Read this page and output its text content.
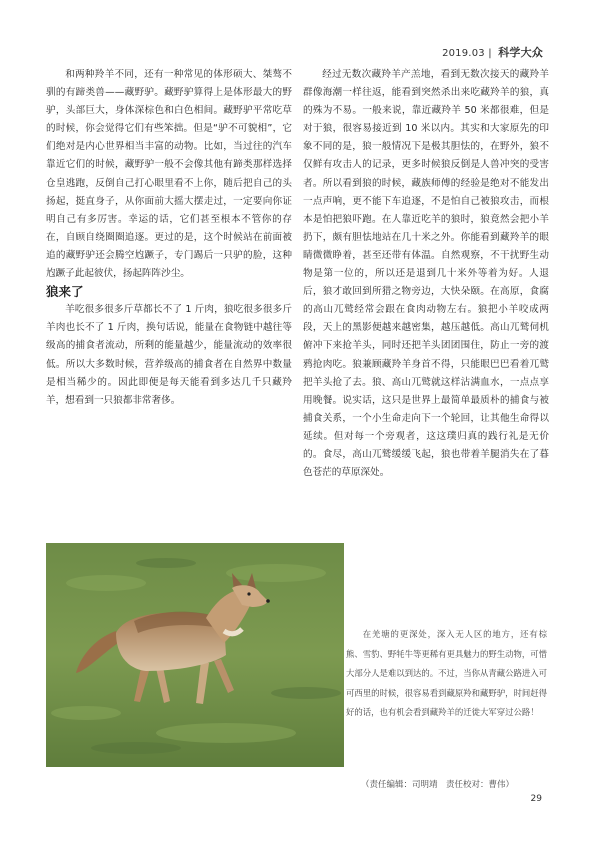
2019.03 | 科学大众

和两种羚羊不同，还有一种常见的体形硕大、桀骜不驯的有蹄类兽——藏野驴。藏野驴算得上是体形最大的野驴，头部巨大，身体深棕色和白色相间。藏野驴平常吃草的时候，你会觉得它们有些笨拙。但是“驴不可貌相”，它们绝对是内心世界相当丰富的动物。比如，当过往的汽车靠近它们的时候，藏野驴一般不会像其他有蹄类那样选择仓皇逃跑，反倒自己打心眼里看不上你，随后把自己的头扬起，挺直身子，从你面前大摇大摆走过，一定要向你证明自己有多厉害。幸运的话，它们甚至根本不管你的存在，自顾自绕圈圈追逐。更过的是，这个时候站在前面被追的藏野驴还会腾空尥蹶子，专门踢后一只驴的脸，这种尥蹶子此起彼伏，扬起阵阵沙尘。

狼来了

羊吃很多很多斤草都长不了 1 斤肉，狼吃很多很多斤羊肉也长不了 1 斤肉，换句话说，能量在食物链中越往等级高的捕食者流动，所剩的能量越少，能量流动的效率很低。所以大多数时候，营养级高的捕食者在自然界中数量是相当稀少的。因此即便是每天能看到多达几千只藏羚羊，想看到一只狼都非常奢侈。

经过无数次藏羚羊产羔地，看到无数次接天的藏羚羊群像海潮一样往返，能看到突然杀出来吃藏羚羊的狼，真的殊为不易。一般来说，靠近藏羚羊 50 米都很难，但是对于狼，很容易接近到 10 米以内。其实和大家原先的印象不同的是，狼一般情况下是极其胆怯的，在野外，狼不仅鲜有攻击人的记录，更多时候狼反倒是人兽冲突的受害者。所以看到狼的时候，藏族师傅的经验是绝对不能发出一点声响，更不能下车追逐，不是怕自己被狼攻击，而根本是怕把狼吓跑。在人靠近吃羊的狼时，狼竟然会把小羊扔下，颇有胆怯地站在几十米之外。你能看到藏羚羊的眼睛微微睁着，甚至还带有体温。自然观察，不干扰野生动物是第一位的，所以还是退到几十米外等着为好。人退后，狼才敢回到所猎之物旁边，大快朵颐。在高原，食腐的高山兀鹫经常会跟在食肉动物左右。狼把小羊咬成两段，天上的黑影便越来越密集，越压越低。高山兀鹫伺机俯冲下来抢羊头，同时还把羊头团团围住，防止一旁的渡鸦抢肉吃。狼兼顾藏羚羊身首不得，只能眼巴巴看着兀鹫把羊头抢了去。狼、高山兀鹫就这样沾满血水，一点点享用晚餐。说实话，这只是世界上最简单最质朴的捕食与被捕食关系，一个小生命走向下一个轮回，让其他生命得以延续。但对每一个旁观者，这这璞归真的践行礼是无价的。食尽，高山兀鹫缓缓飞起，狼也带着羊腿消失在了暮色苍茫的草原深处。

在羌塘的更深处，深入无人区的地方，还有棕熊、雪豹、野牦牛等更稀有更具魅力的野生动物，可惜大部分人是难以到达的。不过，当你从青藏公路进入可可西里的时候，很容易看到藏原羚和藏野驴，时间赶得好的话，也有机会看到藏羚羊的迁徙大军穿过公路！

（责任编辑：司明靖　责任校对：曹伟）
29
